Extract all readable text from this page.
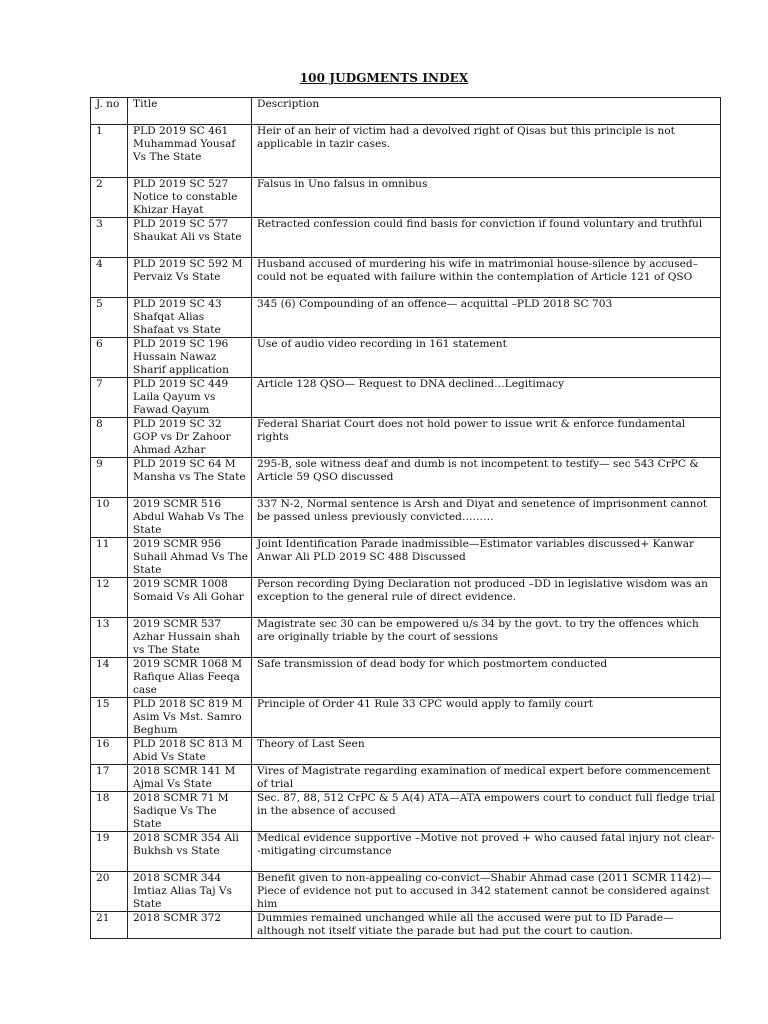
100 JUDGMENTS INDEX
J. no	Title	Description
1	PLD 2019 SC 461 Muhammad Yousaf Vs The State	Heir of an heir of victim had a devolved right of Qisas but this principle is not applicable in tazir cases.
2	PLD 2019 SC 527 Notice to constable Khizar Hayat	Falsus in Uno falsus in omnibus
3	PLD 2019 SC 577 Shaukat Ali vs State	Retracted confession could find basis for conviction if found voluntary and truthful
4	PLD 2019 SC 592 M Pervaiz Vs State	Husband accused of murdering his wife in matrimonial house-silence by accused–could not be equated with failure within the contemplation of Article 121 of QSO
5	PLD 2019 SC 43 Shafqat Alias Shafaat vs State	345 (6) Compounding of an offence— acquittal –PLD 2018 SC 703
6	PLD 2019 SC 196 Hussain Nawaz Sharif application	Use of audio video recording in 161 statement
7	PLD 2019 SC 449 Laila Qayum vs Fawad Qayum	Article 128 QSO— Request to DNA declined…Legitimacy
8	PLD 2019 SC 32 GOP vs Dr Zahoor Ahmad Azhar	Federal Shariat Court does not hold power to issue writ & enforce fundamental rights
9	PLD 2019 SC 64 M Mansha vs The State	295-B, sole witness deaf and dumb is not incompetent to testify— sec 543 CrPC & Article 59 QSO discussed
10	2019 SCMR 516 Abdul Wahab Vs The State	337 N-2, Normal sentence is Arsh and Diyat and senetence of imprisonment cannot be passed unless previously convicted………
11	2019 SCMR 956 Suhail Ahmad Vs The State	Joint Identification Parade inadmissible—Estimator variables discussed+ Kanwar Anwar Ali PLD 2019 SC 488 Discussed
12	2019 SCMR 1008 Somaid Vs Ali Gohar	Person recording Dying Declaration not produced –DD in legislative wisdom was an exception to the general rule of direct evidence.
13	2019 SCMR 537 Azhar Hussain shah vs The State	Magistrate sec 30 can be empowered u/s 34 by the govt. to try the offences which are originally triable by the court of sessions
14	2019 SCMR 1068 M Rafique Alias Feeqa case	Safe transmission of dead body for which postmortem conducted
15	PLD 2018 SC 819 M Asim Vs Mst. Samro Beghum	Principle of Order 41 Rule 33 CPC would apply to family court
16	PLD 2018 SC 813 M Abid Vs State	Theory of Last Seen
17	2018 SCMR 141 M Ajmal Vs State	Vires of Magistrate regarding examination of medical expert before commencement of trial
18	2018 SCMR 71 M Sadique Vs The State	Sec. 87, 88, 512 CrPC & 5 A(4) ATA—ATA empowers court to conduct full fledge trial in the absence of accused
19	2018 SCMR 354 Ali Bukhsh vs State	Medical evidence supportive –Motive not proved + who caused fatal injury not clear--mitigating circumstance
20	2018 SCMR 344 Imtiaz Alias Taj Vs State	Benefit given to non-appealing co-convict—Shabir Ahmad case (2011 SCMR 1142)—Piece of evidence not put to accused in 342 statement cannot be considered against him
21	2018 SCMR 372	Dummies remained unchanged while all the accused were put to ID Parade— although not itself vitiate the parade but had put the court to caution.
